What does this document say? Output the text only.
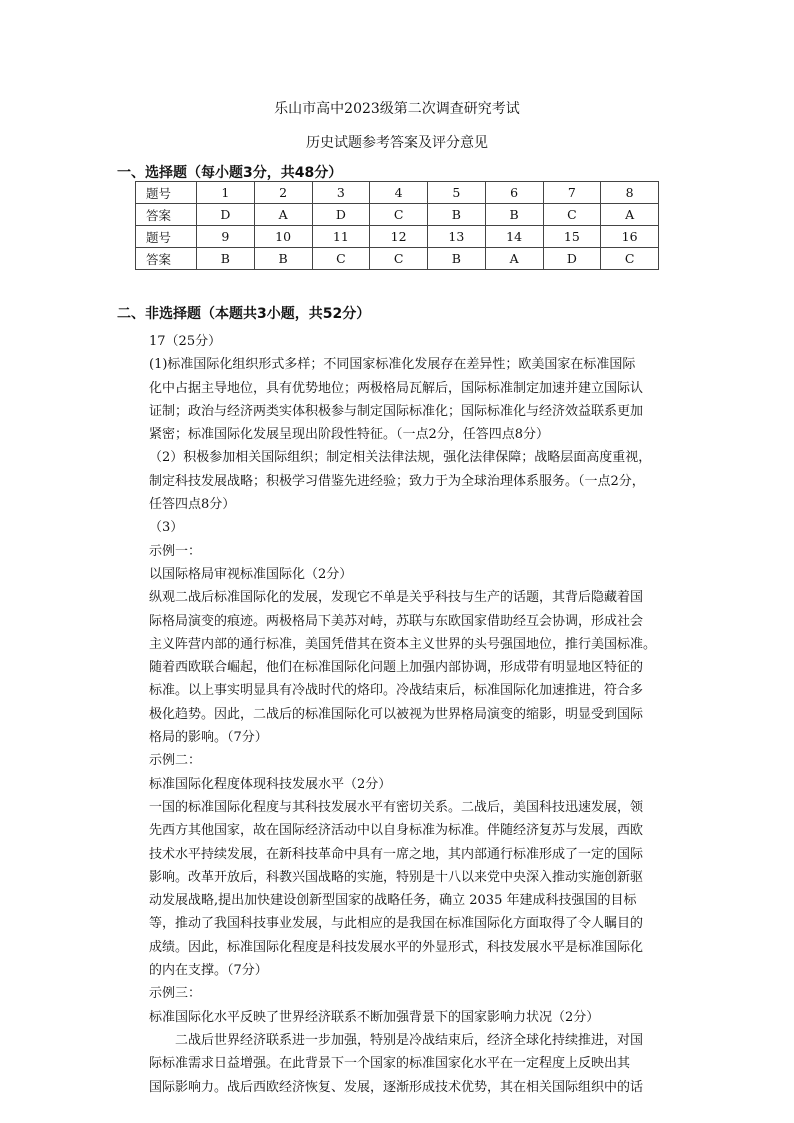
乐山市高中2023级第二次调查研究考试
历史试题参考答案及评分意见
一、选择题（每小题3分，共48分）
题号	1	2	3	4	5	6	7	8
答案	D	A	D	C	B	B	C	A
题号	9	10	11	12	13	14	15	16
答案	B	B	C	C	B	A	D	C
二、非选择题（本题共3小题，共52分）

17（25分）

(1)标准国际化组织形式多样；不同国家标准化发展存在差异性；欧美国家在标准国际

化中占据主导地位，具有优势地位；两极格局瓦解后，国际标准制定加速并建立国际认

证制；政治与经济两类实体积极参与制定国际标准化；国际标准化与经济效益联系更加

紧密；标准国际化发展呈现出阶段性特征。（一点2分，任答四点8分）

（2）积极参加相关国际组织；制定相关法律法规，强化法律保障；战略层面高度重视，

制定科技发展战略；积极学习借鉴先进经验；致力于为全球治理体系服务。（一点2分，

任答四点8分）

（3）

示例一：

以国际格局审视标准国际化（2分）

纵观二战后标准国际化的发展，发现它不单是关乎科技与生产的话题，其背后隐藏着国

际格局演变的痕迹。两极格局下美苏对峙，苏联与东欧国家借助经互会协调，形成社会

主义阵营内部的通行标准，美国凭借其在资本主义世界的头号强国地位，推行美国标准。

随着西欧联合崛起，他们在标准国际化问题上加强内部协调，形成带有明显地区特征的

标准。以上事实明显具有冷战时代的烙印。冷战结束后，标准国际化加速推进，符合多

极化趋势。因此，二战后的标准国际化可以被视为世界格局演变的缩影，明显受到国际

格局的影响。（7分）

示例二：

标准国际化程度体现科技发展水平（2分）

一国的标准国际化程度与其科技发展水平有密切关系。二战后，美国科技迅速发展，领

先西方其他国家，故在国际经济活动中以自身标准为标准。伴随经济复苏与发展，西欧

技术水平持续发展，在新科技革命中具有一席之地，其内部通行标准形成了一定的国际

影响。改革开放后，科教兴国战略的实施，特别是十八以来党中央深入推动实施创新驱

动发展战略,提出加快建设创新型国家的战略任务，确立 2035 年建成科技强国的目标

等，推动了我国科技事业发展，与此相应的是我国在标准国际化方面取得了令人瞩目的

成绩。因此，标准国际化程度是科技发展水平的外显形式，科技发展水平是标准国际化

的内在支撑。（7分）

示例三：

标准国际化水平反映了世界经济联系不断加强背景下的国家影响力状况（2分）

二战后世界经济联系进一步加强，特别是冷战结束后，经济全球化持续推进，对国

际标准需求日益增强。在此背景下一个国家的标准国家化水平在一定程度上反映出其

国际影响力。战后西欧经济恢复、发展，逐渐形成技术优势，其在相关国际组织中的话
